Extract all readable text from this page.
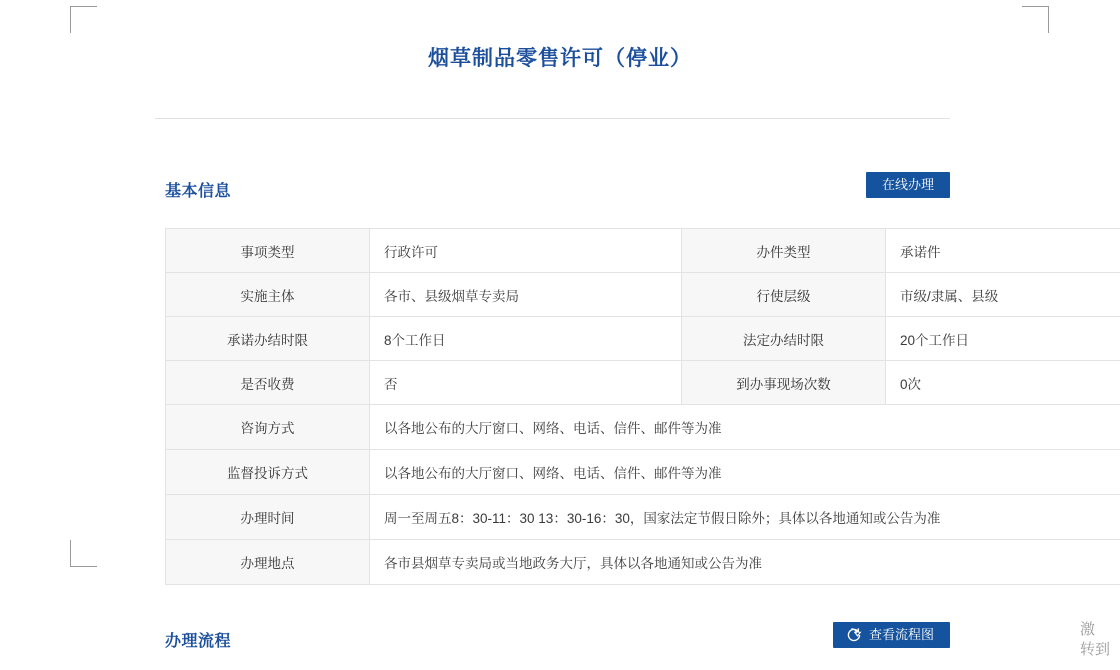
烟草制品零售许可（停业）
基本信息	在线办理
事项类型	行政许可	办件类型	承诺件
实施主体	各市、县级烟草专卖局	行使层级	市级/隶属、县级
承诺办结时限	8个工作日	法定办结时限	20个工作日
是否收费	否	到办事现场次数	0次
咨询方式	以各地公布的大厅窗口、网络、电话、信件、邮件等为准		
监督投诉方式	以各地公布的大厅窗口、网络、电话、信件、邮件等为准		
办理时间	周一至周五8：30-11：30 13：30-16：30，国家法定节假日除外；具体以各地通知或公告为准		
办理地点	各市县烟草专卖局或当地政务大厅，具体以各地通知或公告为准		
办理流程	查看流程图	激
转到
